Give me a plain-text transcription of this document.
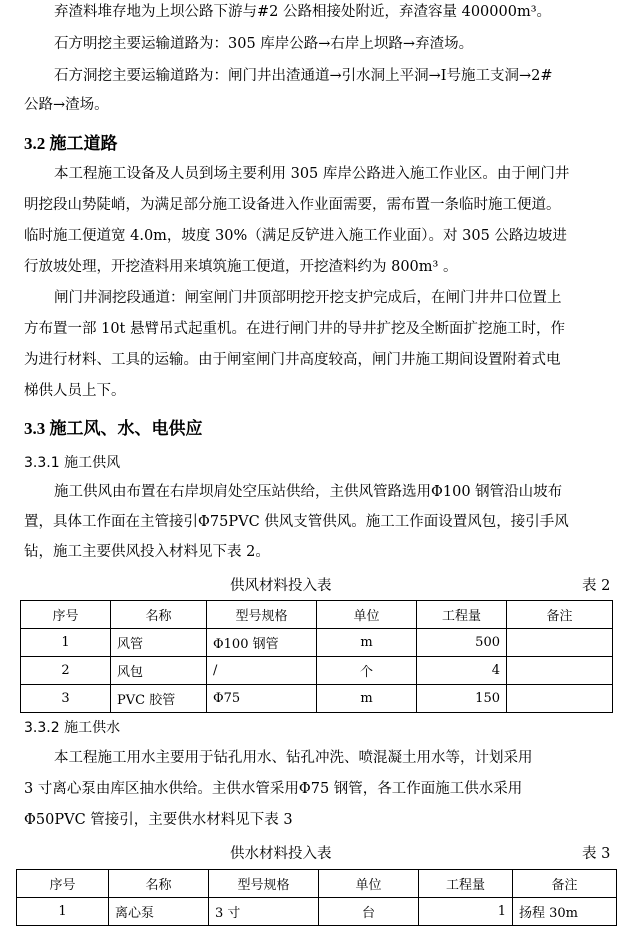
弃渣料堆存地为上坝公路下游与#2 公路相接处附近，弃渣容量 400000m³。
石方明挖主要运输道路为：305 库岸公路→右岸上坝路→弃渣场。
石方洞挖主要运输道路为：闸门井出渣通道→引水洞上平洞→Ⅰ号施工支洞→2#
公路→渣场。
3.2 施工道路
本工程施工设备及人员到场主要利用 305 库岸公路进入施工作业区。由于闸门井
明挖段山势陡峭，为满足部分施工设备进入作业面需要，需布置一条临时施工便道。
临时施工便道宽 4.0m，坡度 30%（满足反铲进入施工作业面）。对 305 公路边坡进
行放坡处理，开挖渣料用来填筑施工便道，开挖渣料约为 800m³ 。
闸门井洞挖段通道：闸室闸门井顶部明挖开挖支护完成后，在闸门井井口位置上
方布置一部 10t 悬臂吊式起重机。在进行闸门井的导井扩挖及全断面扩挖施工时，作
为进行材料、工具的运输。由于闸室闸门井高度较高，闸门井施工期间设置附着式电
梯供人员上下。
3.3 施工风、水、电供应
3.3.1 施工供风
施工供风由布置在右岸坝肩处空压站供给，主供风管路选用Φ100 钢管沿山坡布
置，具体工作面在主管接引Φ75PVC 供风支管供风。施工工作面设置风包，接引手风
钻，施工主要供风投入材料见下表 2。
供风材料投入表	表 2
序号	名称	型号规格	单位	工程量	备注
1	风管	Φ100 钢管	m	500	
2	风包	/	个	4	
3	PVC 胶管	Φ75	m	150	
3.3.2 施工供水
本工程施工用水主要用于钻孔用水、钻孔冲洗、喷混凝土用水等，计划采用
3 寸离心泵由库区抽水供给。主供水管采用Φ75 钢管，各工作面施工供水采用
Φ50PVC 管接引，主要供水材料见下表 3
供水材料投入表	表 3
序号	名称	型号规格	单位	工程量	备注
1	离心泵	3 寸	台	1	扬程 30m
